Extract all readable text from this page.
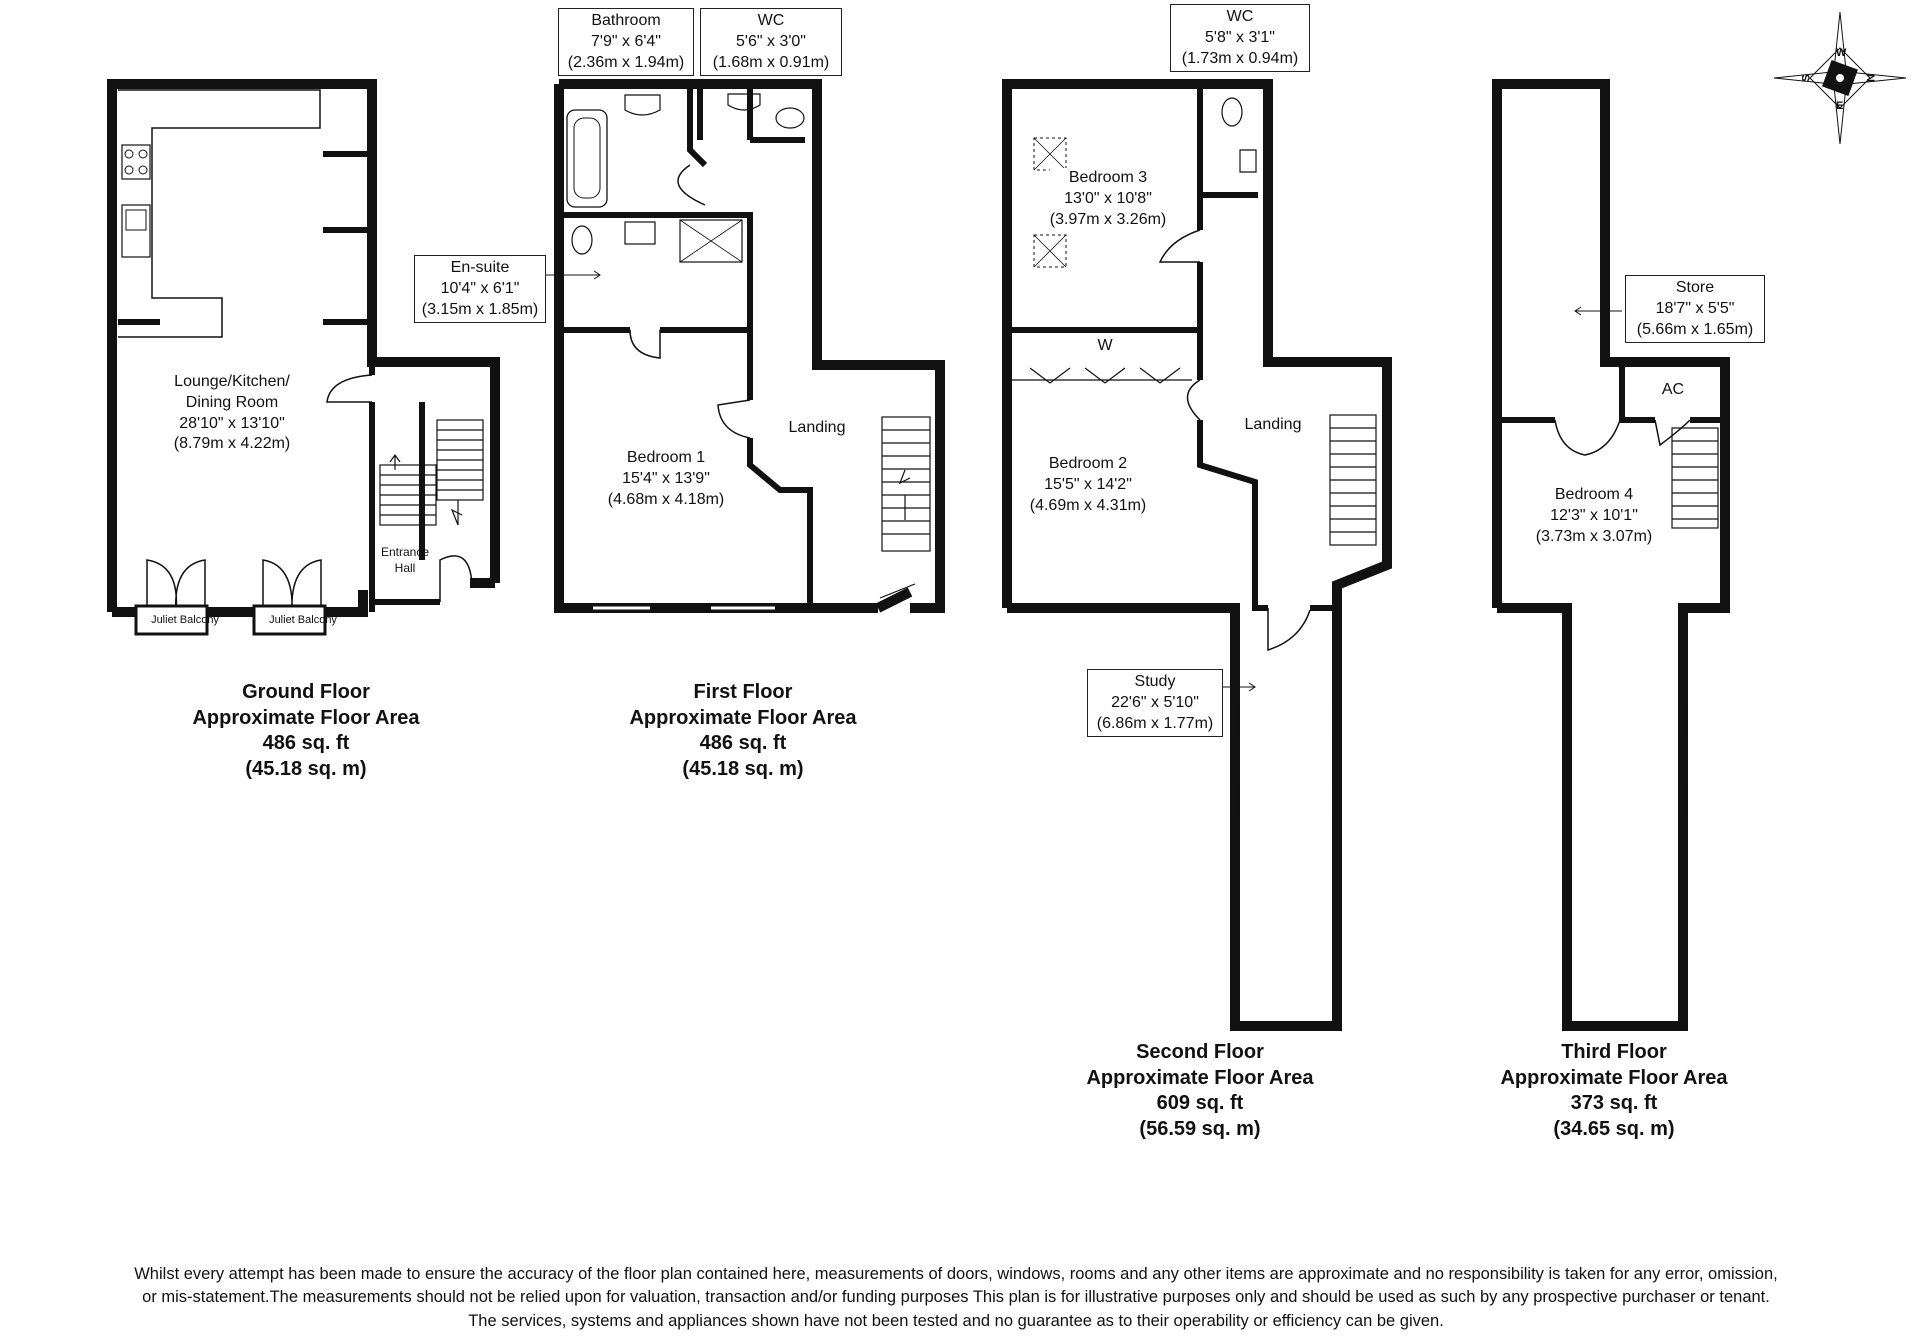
W
N
S
E
Lounge/Kitchen/
Dining Room
28'10" x 13'10"
(8.79m x 4.22m)
Entrance
Hall
Juliet Balcony	Juliet Balcony
Bathroom
7'9" x 6'4"
(2.36m x 1.94m)
WC
5'6" x 3'0"
(1.68m x 0.91m)
En-suite
10'4" x 6'1"
(3.15m x 1.85m)
Bedroom 1
15'4" x 13'9"
(4.68m x 4.18m)
Landing
WC
5'8" x 3'1"
(1.73m x 0.94m)
Bedroom 3
13'0" x 10'8"
(3.97m x 3.26m)
W
Bedroom 2
15'5" x 14'2"
(4.69m x 4.31m)
Landing
Study
22'6" x 5'10"
(6.86m x 1.77m)
Store
18'7" x 5'5"
(5.66m x 1.65m)
AC
Bedroom 4
12'3" x 10'1"
(3.73m x 3.07m)
Ground Floor
Approximate Floor Area
486 sq. ft
(45.18 sq. m)
First Floor
Approximate Floor Area
486 sq. ft
(45.18 sq. m)
Second Floor
Approximate Floor Area
609 sq. ft
(56.59 sq. m)
Third Floor
Approximate Floor Area
373 sq. ft
(34.65 sq. m)
Whilst every attempt has been made to ensure the accuracy of the floor plan contained here, measurements of doors, windows, rooms and any other items are approximate and no responsibility is taken for any error, omission,
or mis-statement.The measurements should not be relied upon for valuation, transaction and/or funding purposes This plan is for illustrative purposes only and should be used as such by any prospective purchaser or tenant.
The services, systems and appliances shown have not been tested and no guarantee as to their operability or efficiency can be given.
